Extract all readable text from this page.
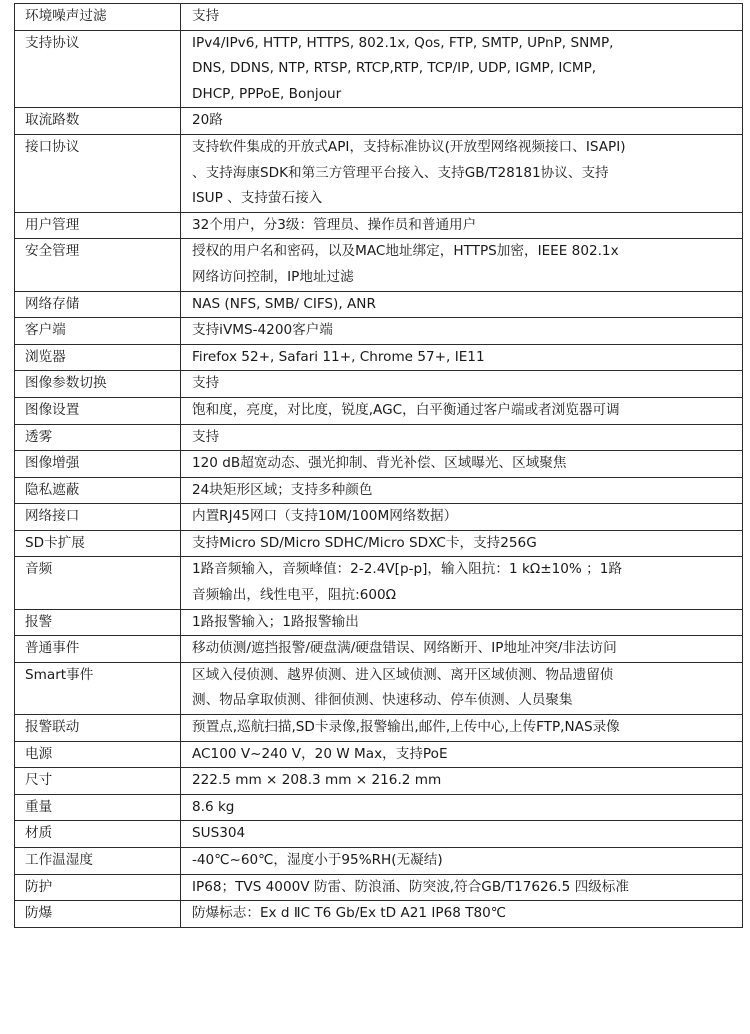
环境噪声过滤	支持

支持协议	IPv4/IPv6, HTTP, HTTPS, 802.1x, Qos, FTP, SMTP, UPnP, SNMP,
DNS, DDNS, NTP, RTSP, RTCP,RTP, TCP/IP, UDP, IGMP, ICMP,
DHCP, PPPoE, Bonjour

取流路数	20路

接口协议	支持软件集成的开放式API，支持标准协议(开放型网络视频接口、ISAPI)
、支持海康SDK和第三方管理平台接入、支持GB/T28181协议、支持
ISUP 、支持萤石接入

用户管理	32个用户，分3级：管理员、操作员和普通用户

安全管理	授权的用户名和密码，以及MAC地址绑定，HTTPS加密，IEEE 802.1x
网络访问控制，IP地址过滤

网络存储	NAS (NFS, SMB/ CIFS), ANR

客户端	支持iVMS-4200客户端

浏览器	Firefox 52+, Safari 11+, Chrome 57+, IE11

图像参数切换	支持

图像设置	饱和度，亮度，对比度，锐度,AGC，白平衡通过客户端或者浏览器可调

透雾	支持

图像增强	120 dB超宽动态、强光抑制、背光补偿、区域曝光、区域聚焦

隐私遮蔽	24块矩形区域；支持多种颜色

网络接口	内置RJ45网口（支持10M/100M网络数据）

SD卡扩展	支持Micro SD/Micro SDHC/Micro SDXC卡，支持256G

音频	1路音频输入，音频峰值：2-2.4V[p-p]，输入阻抗：1 kΩ±10% ；1路
音频输出，线性电平，阻抗:600Ω

报警	1路报警输入；1路报警输出

普通事件	移动侦测/遮挡报警/硬盘满/硬盘错误、网络断开、IP地址冲突/非法访问

Smart事件	区域入侵侦测、越界侦测、进入区域侦测、离开区域侦测、物品遗留侦
测、物品拿取侦测、徘徊侦测、快速移动、停车侦测、人员聚集

报警联动	预置点,巡航扫描,SD卡录像,报警输出,邮件,上传中心,上传FTP,NAS录像

电源	AC100 V~240 V，20 W Max，支持PoE

尺寸	222.5 mm × 208.3 mm × 216.2 mm

重量	8.6 kg

材质	SUS304

工作温湿度	-40℃~60℃，湿度小于95%RH(无凝结)

防护	IP68；TVS 4000V 防雷、防浪涌、防突波,符合GB/T17626.5 四级标准

防爆	防爆标志：Ex d ⅡC T6 Gb/Ex tD A21 IP68 T80℃
